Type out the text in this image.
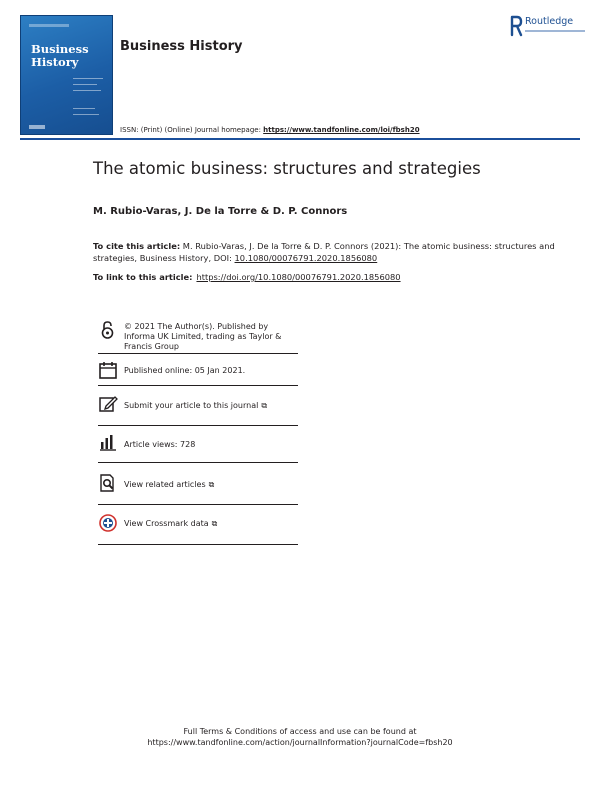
Business History
Business History
Routledge
ISSN: (Print) (Online) Journal homepage: https://www.tandfonline.com/loi/fbsh20
The atomic business: structures and strategies
M. Rubio-Varas, J. De la Torre & D. P. Connors
To cite this article: M. Rubio-Varas, J. De la Torre & D. P. Connors (2021): The atomic business: structures and strategies, Business History, DOI: 10.1080/00076791.2020.1856080
To link to this article: https://doi.org/10.1080/00076791.2020.1856080
© 2021 The Author(s). Published by Informa UK Limited, trading as Taylor & Francis Group
Published online: 05 Jan 2021.
Submit your article to this journal ⧉
Article views: 728
View related articles ⧉
View Crossmark data ⧉
Full Terms & Conditions of access and use can be found at
https://www.tandfonline.com/action/journalInformation?journalCode=fbsh20
